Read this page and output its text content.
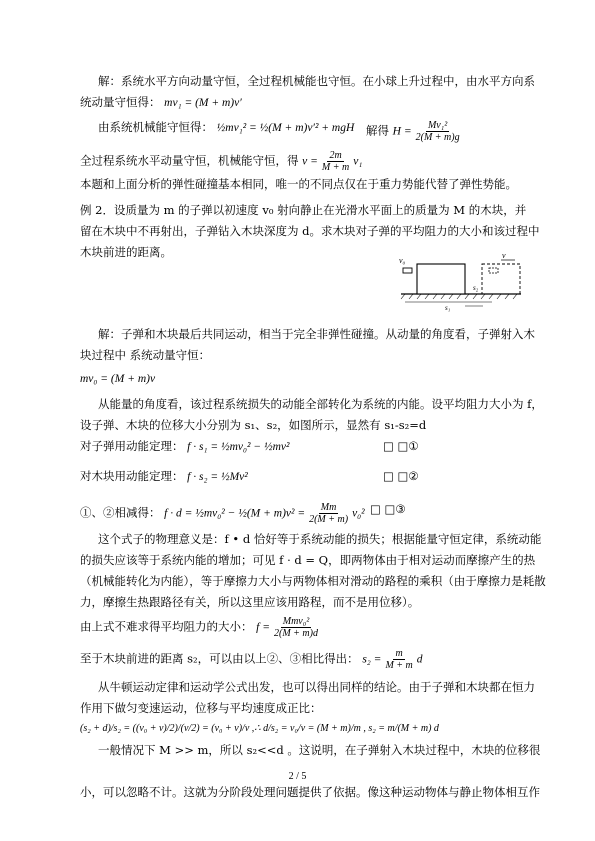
解：系统水平方向动量守恒，全过程机械能也守恒。在小球上升过程中，由水平方向系
统动量守恒得： mv₁ = (M + m)v′
由系统机械能守恒得： ½mv₁² = ½(M + m)v′² + mgH 解得 $H = \frac{\text{Mv₁²}}{2(M + m)g}$
全过程系统水平动量守恒，机械能守恒，得 $v = \frac{2m}{M + m} v_1$
本题和上面分析的弹性碰撞基本相同，唯一的不同点仅在于重力势能代替了弹性势能。
例 2．设质量为 m 的子弹以初速度 v₀ 射向静止在光滑水平面上的质量为 M 的木块，并
留在木块中不再射出，子弹钻入木块深度为 d。求木块对子弹的平均阻力的大小和该过程中
木块前进的距离。
v₀
v
s₂
s₁
解：子弹和木块最后共同运动，相当于完全非弹性碰撞。从动量的角度看，子弹射入木
块过程中 系统动量守恒：
mv₀ = (M + m)v
从能量的角度看，该过程系统损失的动能全部转化为系统的内能。设平均阻力大小为 f，
设子弹、木块的位移大小分别为 s₁、s₂，如图所示，显然有 s₁-s₂=d
对子弹用动能定理： f · s₁ = ½mv₀² − ½mv²	□ □①
对木块用动能定理： f · s₂ = ½Mv²	□ □②
①、②相减得： f · d = ½mv₀² − ½(M + $m)v^2 = \frac{Mm}{2(M + m)} v_0^2$ □ □③
这个式子的物理意义是：f • d 恰好等于系统动能的损失；根据能量守恒定律，系统动能
的损失应该等于系统内能的增加；可见 f · d = Q，即两物体由于相对运动而摩擦产生的热
（机械能转化为内能），等于摩擦力大小与两物体相对滑动的路程的乘积（由于摩擦力是耗散
力，摩擦生热跟路径有关，所以这里应该用路程，而不是用位移）。
由上式不难求得平均阻力的大小： $f = \frac{\text{Mmv₀²}}{2(M + m)d}$
至于木块前进的距离 s₂，可以由以上②、③相比得出： $s_2 = \frac{m}{M + m}$ d
从牛顿运动定律和运动学公式出发，也可以得出同样的结论。由于子弹和木块都在恒力
作用下做匀变速运动，位移与平均速度成正比：
(s₂ + d)/s₂ = ((v₀ + v)/2)/(v/2) = (v₀ + v)/v ,∴ d/s₂ = v₀/v = (M + m)/m , s₂ = m/(M + m) d
一般情况下 M >> m，所以 s₂<<d 。这说明，在子弹射入木块过程中，木块的位移很
小，可以忽略不计。这就为分阶段处理问题提供了依据。像这种运动物体与静止物体相互作
2 / 5
